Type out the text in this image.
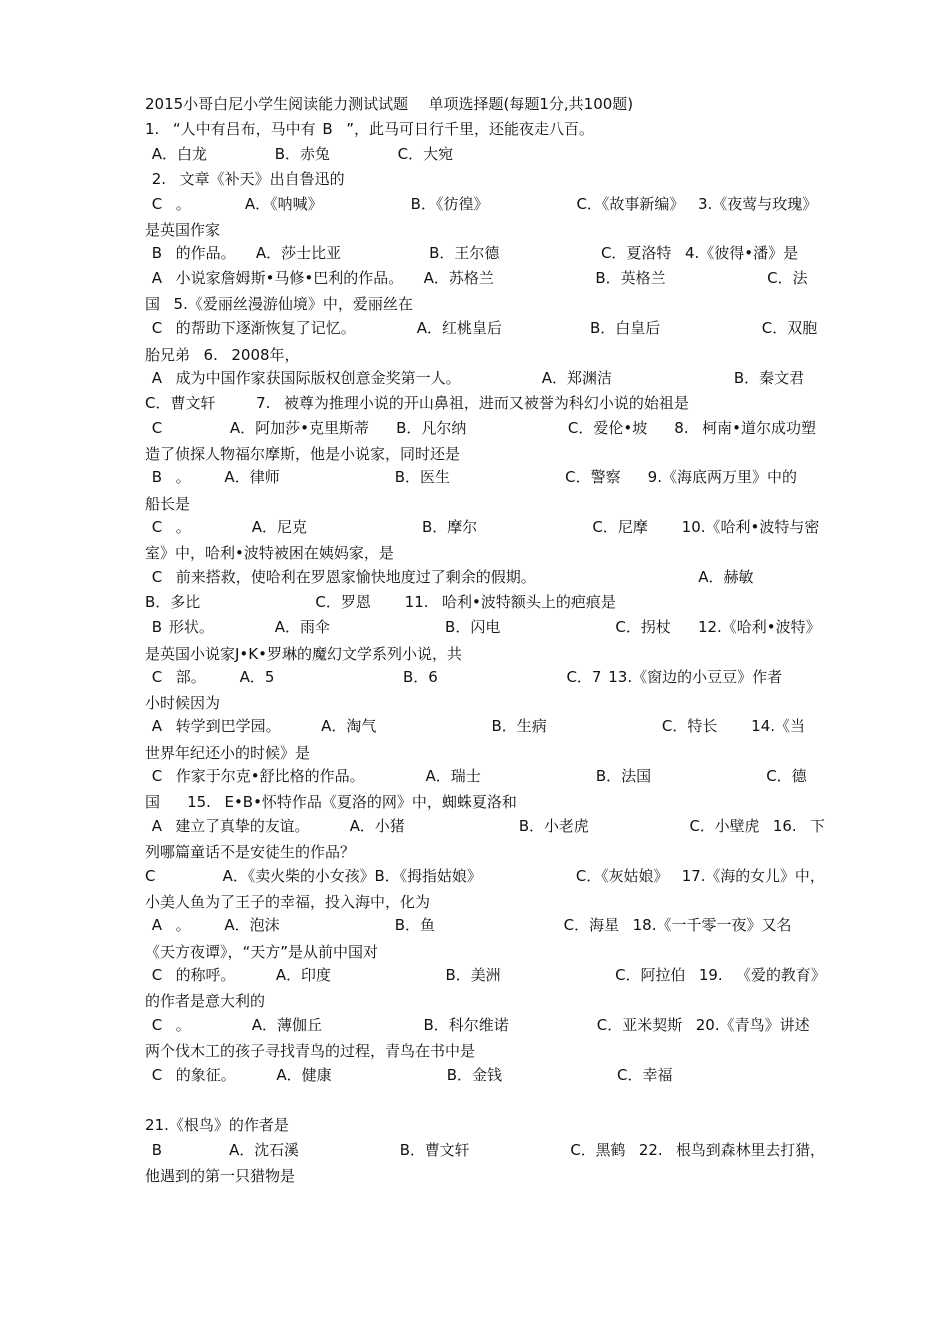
2015小哥白尼小学生阅读能力测试试题   单项选择题(每题1分,共100题)
1.  “人中有吕布，马中有 B  ”，此马可日行千里，还能夜走八百。
A．白龙          B．赤兔          C．大宛
2.  文章《补天》出自鲁迅的
C  。        A．《呐喊》             B．《彷徨》             C．《故事新编》  3.《夜莺与玫瑰》
是英国作家
B  的作品。   A．莎士比亚             B．王尔德               C．夏洛特  4.《彼得•潘》是
A  小说家詹姆斯•马修•巴利的作品。   A．苏格兰               B．英格兰               C．法
国  5.《爱丽丝漫游仙境》中，爱丽丝在
C  的帮助下逐渐恢复了记忆。         A．红桃皇后             B．白皇后               C．双胞
胎兄弟  6.  2008年，
A  成为中国作家获国际版权创意金奖第一人。            A．郑渊洁                  B．秦文君
C．曹文轩      7.  被尊为推理小说的开山鼻祖，进而又被誉为科幻小说的始祖是
C          A．阿加莎•克里斯蒂    B．凡尔纳               C．爱伦•坡    8.  柯南•道尔成功塑
造了侦探人物福尔摩斯，他是小说家，同时还是
B  。     A．律师                 B．医生                 C．警察    9.《海底两万里》中的
船长是
C  。         A．尼克                 B．摩尔                 C．尼摩     10.《哈利•波特与密
室》中，哈利•波特被困在姨妈家，是
C  前来搭救，使哈利在罗恩家愉快地度过了剩余的假期。                        A．赫敏
B．多比                 C．罗恩     11.  哈利•波特额头上的疤痕是
B 形状。         A．雨伞                 B．闪电                 C．拐杖    12.《哈利•波特》
是英国小说家J•K•罗琳的魔幻文学系列小说，共
C  部。     A．5                   B．6                   C．7 13.《窗边的小豆豆》作者
小时候因为
A  转学到巴学园。      A．淘气                 B．生病                 C．特长     14.《当
世界年纪还小的时候》是
C  作家于尔克•舒比格的作品。         A．瑞士                 B．法国                 C．德
国    15.  E•B•怀特作品《夏洛的网》中，蜘蛛夏洛和
A  建立了真挚的友谊。      A．小猪                 B．小老虎               C．小壁虎  16.  下
列哪篇童话不是安徒生的作品？
C          A．《卖火柴的小女孩》B．《拇指姑娘》              C．《灰姑娘》  17.《海的女儿》中，
小美人鱼为了王子的幸福，投入海中，化为
A  。     A．泡沫                 B．鱼                   C．海星  18.《一千零一夜》又名
《天方夜谭》，“天方”是从前中国对
C  的称呼。      A．印度                 B．美洲                 C．阿拉伯  19.  《爱的教育》
的作者是意大利的
C  。         A．薄伽丘               B．科尔维诺             C．亚米契斯  20.《青鸟》讲述
两个伐木工的孩子寻找青鸟的过程，青鸟在书中是
C  的象征。      A．健康                 B．金钱                 C．幸福
21.《根鸟》的作者是
B          A．沈石溪               B．曹文轩               C．黑鹤  22.  根鸟到森林里去打猎，
他遇到的第一只猎物是
